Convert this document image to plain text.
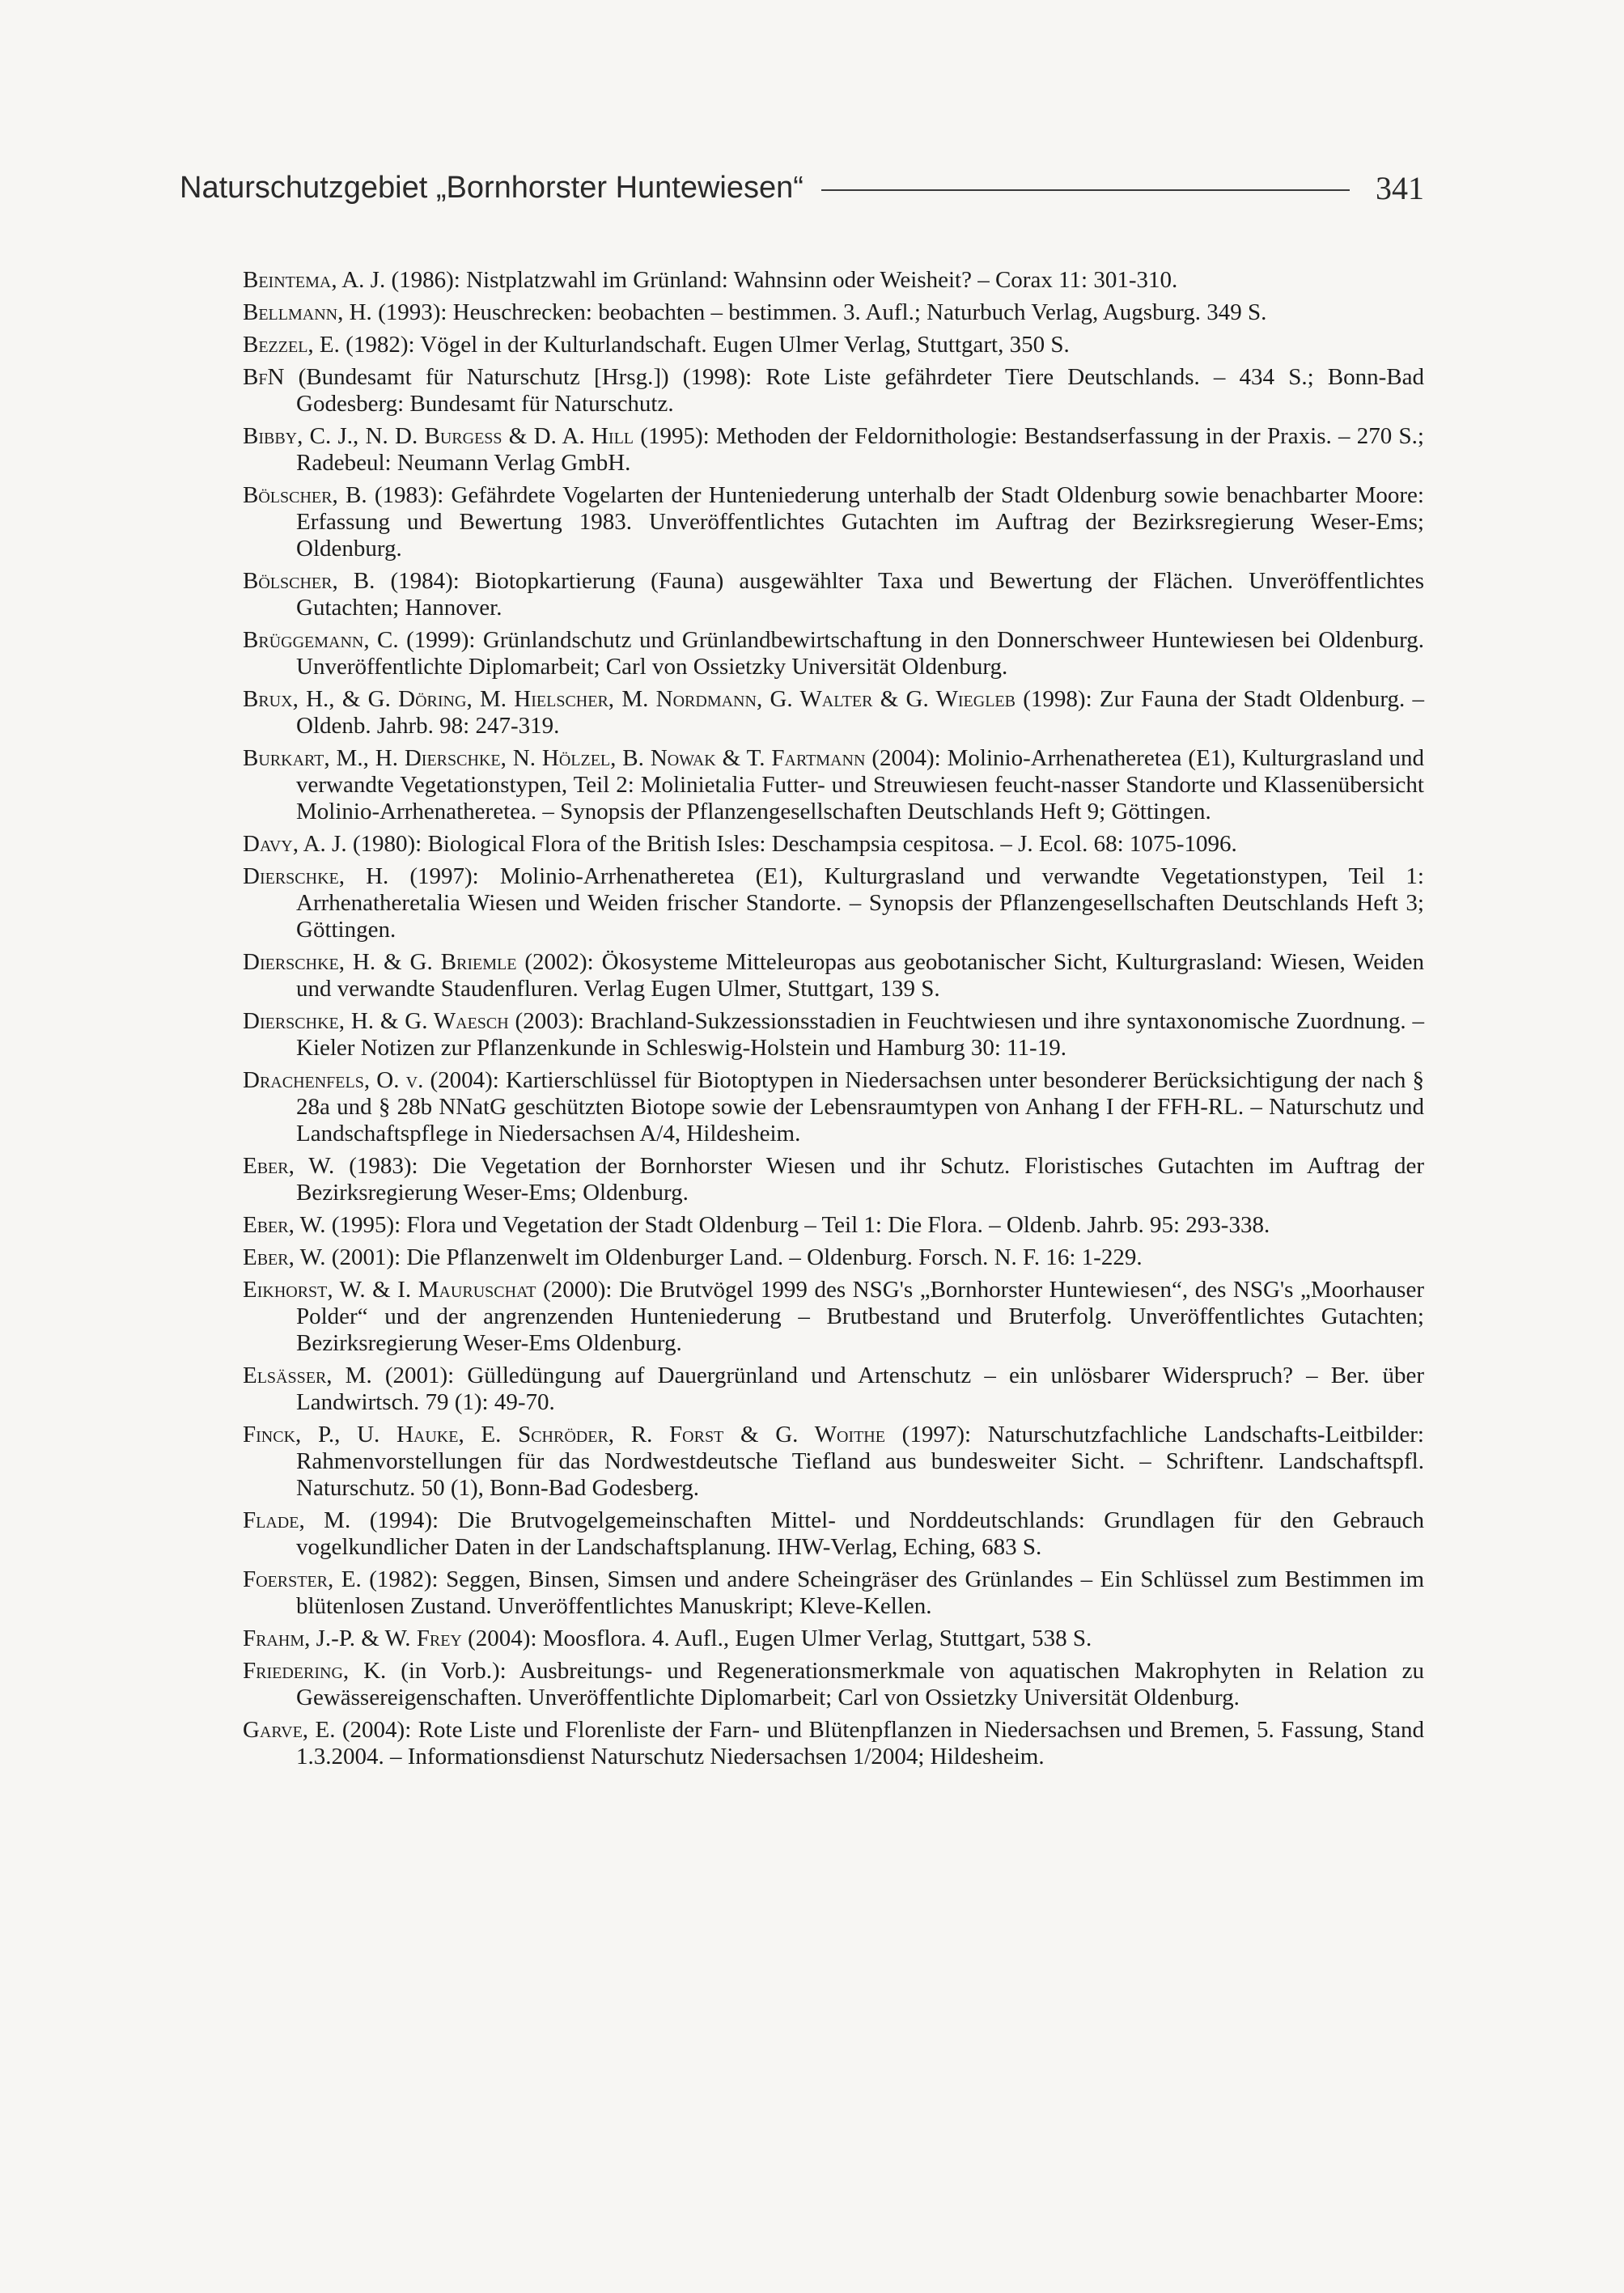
Naturschutzgebiet „Bornhorster Huntewiesen“	341

Beintema, A. J. (1986): Nistplatzwahl im Grünland: Wahnsinn oder Weisheit? – Corax 11: 301-310.

Bellmann, H. (1993): Heuschrecken: beobachten – bestimmen. 3. Aufl.; Naturbuch Verlag, Augsburg. 349 S.

Bezzel, E. (1982): Vögel in der Kulturlandschaft. Eugen Ulmer Verlag, Stuttgart, 350 S.

BfN (Bundesamt für Naturschutz [Hrsg.]) (1998): Rote Liste gefährdeter Tiere Deutschlands. – 434 S.; Bonn-Bad Godesberg: Bundesamt für Naturschutz.

Bibby, C. J., N. D. Burgess & D. A. Hill (1995): Methoden der Feldornithologie: Bestandserfassung in der Praxis. – 270 S.; Radebeul: Neumann Verlag GmbH.

Bölscher, B. (1983): Gefährdete Vogelarten der Hunteniederung unterhalb der Stadt Oldenburg sowie benachbarter Moore: Erfassung und Bewertung 1983. Unveröffentlichtes Gutachten im Auftrag der Bezirksregierung Weser-Ems; Oldenburg.

Bölscher, B. (1984): Biotopkartierung (Fauna) ausgewählter Taxa und Bewertung der Flächen. Unveröffentlichtes Gutachten; Hannover.

Brüggemann, C. (1999): Grünlandschutz und Grünlandbewirtschaftung in den Donnerschweer Huntewiesen bei Oldenburg. Unveröffentlichte Diplomarbeit; Carl von Ossietzky Universität Oldenburg.

Brux, H., & G. Döring, M. Hielscher, M. Nordmann, G. Walter & G. Wiegleb (1998): Zur Fauna der Stadt Oldenburg. – Oldenb. Jahrb. 98: 247-319.

Burkart, M., H. Dierschke, N. Hölzel, B. Nowak & T. Fartmann (2004): Molinio-Arrhenatheretea (E1), Kulturgrasland und verwandte Vegetationstypen, Teil 2: Molinietalia Futter- und Streuwiesen feucht-nasser Standorte und Klassenübersicht Molinio-Arrhenatheretea. – Synopsis der Pflanzengesellschaften Deutschlands Heft 9; Göttingen.

Davy, A. J. (1980): Biological Flora of the British Isles: Deschampsia cespitosa. – J. Ecol. 68: 1075-1096.

Dierschke, H. (1997): Molinio-Arrhenatheretea (E1), Kulturgrasland und verwandte Vegetationstypen, Teil 1: Arrhenatheretalia Wiesen und Weiden frischer Standorte. – Synopsis der Pflanzengesellschaften Deutschlands Heft 3; Göttingen.

Dierschke, H. & G. Briemle (2002): Ökosysteme Mitteleuropas aus geobotanischer Sicht, Kulturgrasland: Wiesen, Weiden und verwandte Staudenfluren. Verlag Eugen Ulmer, Stuttgart, 139 S.

Dierschke, H. & G. Waesch (2003): Brachland-Sukzessionsstadien in Feuchtwiesen und ihre syntaxonomische Zuordnung. – Kieler Notizen zur Pflanzenkunde in Schleswig-Holstein und Hamburg 30: 11-19.

Drachenfels, O. v. (2004): Kartierschlüssel für Biotoptypen in Niedersachsen unter besonderer Berücksichtigung der nach § 28a und § 28b NNatG geschützten Biotope sowie der Lebensraumtypen von Anhang I der FFH-RL. – Naturschutz und Landschaftspflege in Niedersachsen A/4, Hildesheim.

Eber, W. (1983): Die Vegetation der Bornhorster Wiesen und ihr Schutz. Floristisches Gutachten im Auftrag der Bezirksregierung Weser-Ems; Oldenburg.

Eber, W. (1995): Flora und Vegetation der Stadt Oldenburg – Teil 1: Die Flora. – Oldenb. Jahrb. 95: 293-338.

Eber, W. (2001): Die Pflanzenwelt im Oldenburger Land. – Oldenburg. Forsch. N. F. 16: 1-229.

Eikhorst, W. & I. Mauruschat (2000): Die Brutvögel 1999 des NSG's „Bornhorster Huntewiesen“, des NSG's „Moorhauser Polder“ und der angrenzenden Hunteniederung – Brutbestand und Bruterfolg. Unveröffentlichtes Gutachten; Bezirksregierung Weser-Ems Oldenburg.

Elsässer, M. (2001): Gülledüngung auf Dauergrünland und Artenschutz – ein unlösbarer Widerspruch? – Ber. über Landwirtsch. 79 (1): 49-70.

Finck, P., U. Hauke, E. Schröder, R. Forst & G. Woithe (1997): Naturschutzfachliche Landschafts-Leitbilder: Rahmenvorstellungen für das Nordwestdeutsche Tiefland aus bundesweiter Sicht. – Schriftenr. Landschaftspfl. Naturschutz. 50 (1), Bonn-Bad Godesberg.

Flade, M. (1994): Die Brutvogelgemeinschaften Mittel- und Norddeutschlands: Grundlagen für den Gebrauch vogelkundlicher Daten in der Landschaftsplanung. IHW-Verlag, Eching, 683 S.

Foerster, E. (1982): Seggen, Binsen, Simsen und andere Scheingräser des Grünlandes – Ein Schlüssel zum Bestimmen im blütenlosen Zustand. Unveröffentlichtes Manuskript; Kleve-Kellen.

Frahm, J.-P. & W. Frey (2004): Moosflora. 4. Aufl., Eugen Ulmer Verlag, Stuttgart, 538 S.

Friedering, K. (in Vorb.): Ausbreitungs- und Regenerationsmerkmale von aquatischen Makrophyten in Relation zu Gewässereigenschaften. Unveröffentlichte Diplomarbeit; Carl von Ossietzky Universität Oldenburg.

Garve, E. (2004): Rote Liste und Florenliste der Farn- und Blütenpflanzen in Niedersachsen und Bremen, 5. Fassung, Stand 1.3.2004. – Informationsdienst Naturschutz Niedersachsen 1/2004; Hildesheim.
